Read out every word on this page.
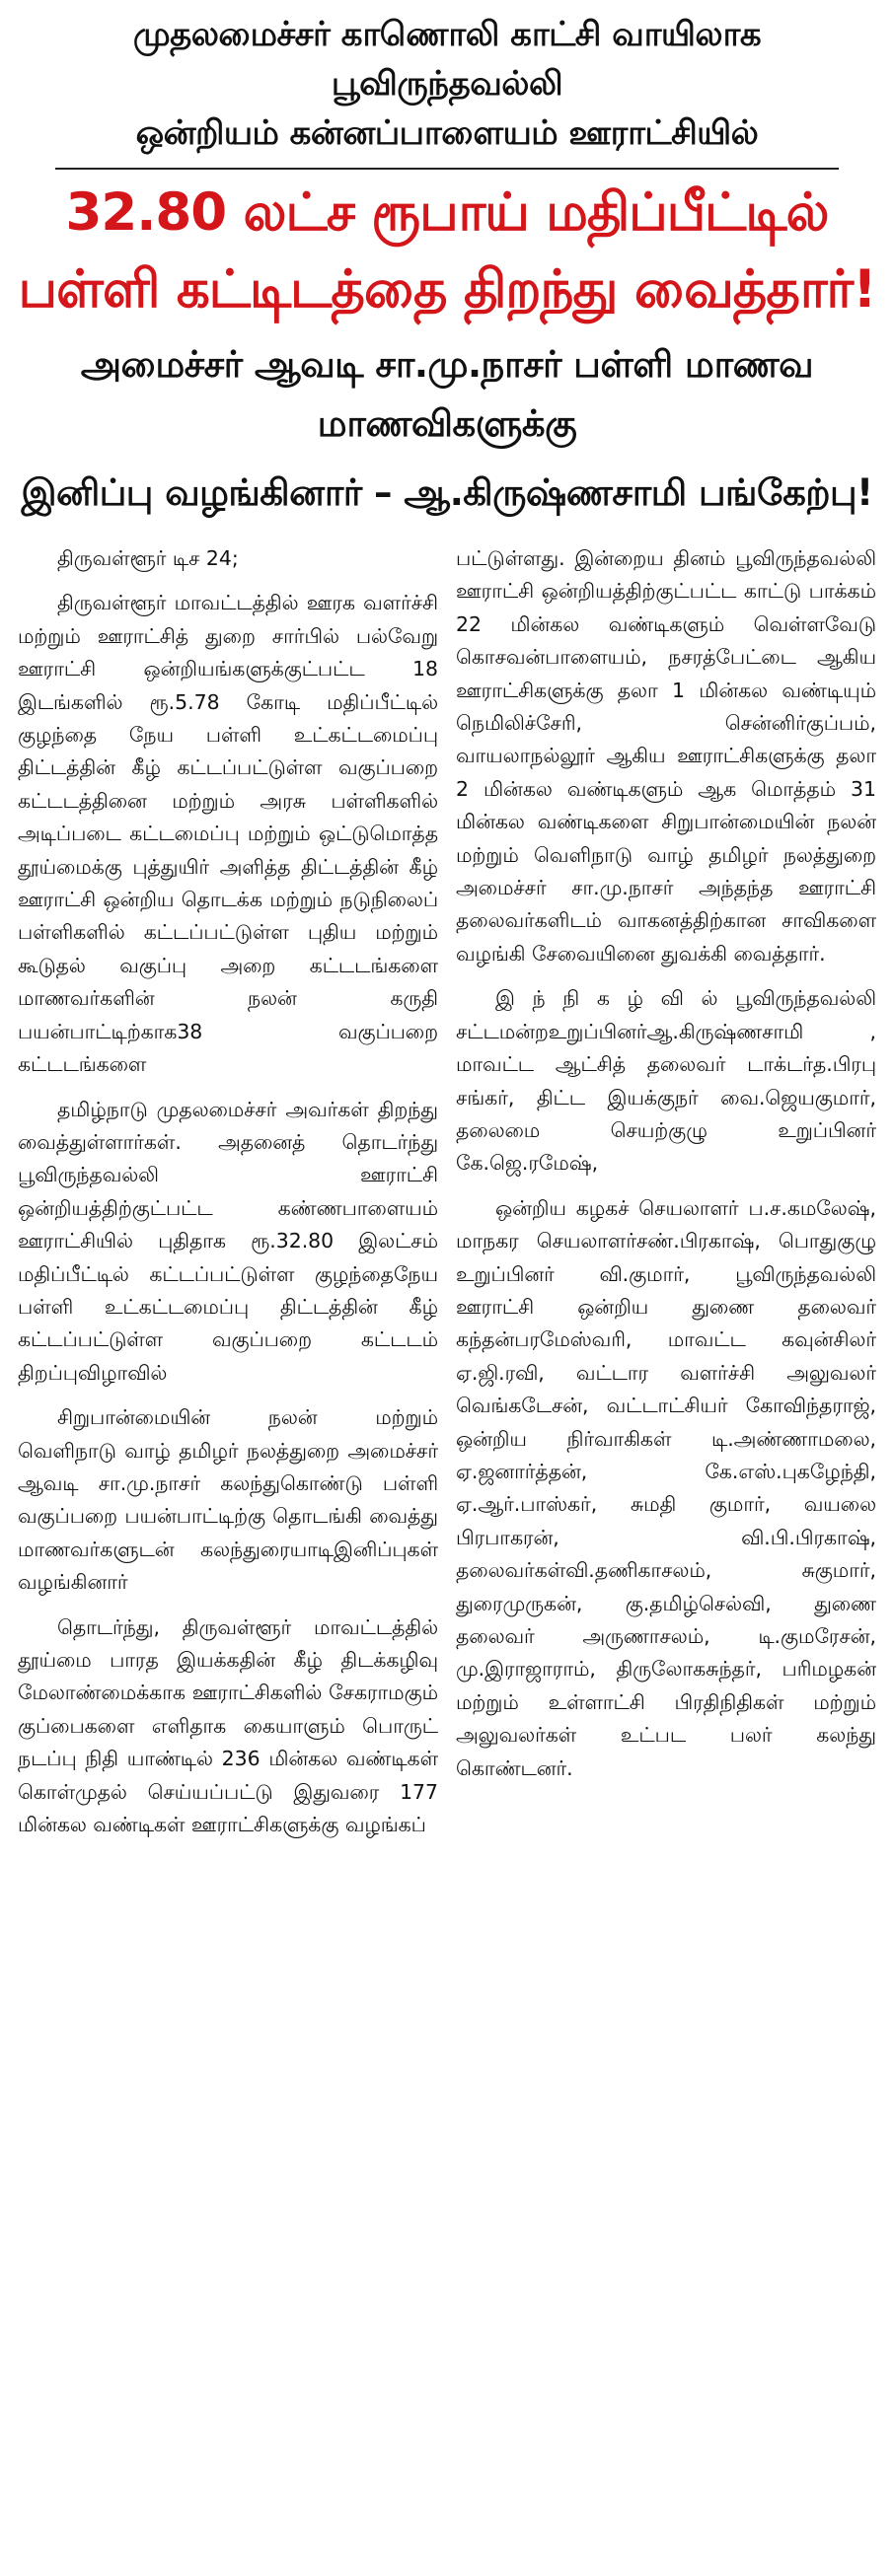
முதலமைச்சர் காணொலி காட்சி வாயிலாக பூவிருந்தவல்லி
ஒன்றியம் கன்னப்பாளையம் ஊராட்சியில்
32.80 லட்ச ரூபாய் மதிப்பீட்டில்
பள்ளி கட்டிடத்தை திறந்து வைத்தார்!
அமைச்சர் ஆவடி சா.மு.நாசர் பள்ளி மாணவ மாணவிகளுக்கு
இனிப்பு வழங்கினார் – ஆ.கிருஷ்ணசாமி பங்கேற்பு!

திருவள்ளூர் டிச 24;

திருவள்ளூர் மாவட்டத்தில் ஊரக வளர்ச்சி மற்றும் ஊராட்சித் துறை சார்பில் பல்வேறு ஊராட்சி ஒன்றியங்களுக்குட்பட்ட 18 இடங்களில் ரூ.5.78 கோடி மதிப்பீட்டில் குழந்தை நேய பள்ளி உட்கட்டமைப்பு திட்டத்தின் கீழ் கட்டப்பட்டுள்ள வகுப்பறை கட்டடத்தினை மற்றும் அரசு பள்ளிகளில் அடிப்படை கட்டமைப்பு மற்றும் ஒட்டுமொத்த தூய்மைக்கு புத்துயிர் அளித்த திட்டத்தின் கீழ் ஊராட்சி ஒன்றிய தொடக்க மற்றும் நடுநிலைப் பள்ளிகளில் கட்டப்பட்டுள்ள புதிய மற்றும் கூடுதல் வகுப்பு அறை கட்டடங்களை மாணவர்களின் நலன் கருதி பயன்பாட்டிற்காக38 வகுப்பறை கட்டடங்களை

தமிழ்நாடு முதலமைச்சர் அவர்கள் திறந்து வைத்துள்ளார்கள். அதனைத் தொடர்ந்து பூவிருந்தவல்லி ஊராட்சி ஒன்றியத்திற்குட்பட்ட கண்ணபாளையம் ஊராட்சியில் புதிதாக ரூ.32.80 இலட்சம் மதிப்பீட்டில் கட்டப்பட்டுள்ள குழந்தைநேய பள்ளி உட்கட்டமைப்பு திட்டத்தின் கீழ் கட்டப்பட்டுள்ள வகுப்பறை கட்டடம் திறப்புவிழாவில்

சிறுபான்மையின் நலன் மற்றும் வெளிநாடு வாழ் தமிழர் நலத்துறை அமைச்சர் ஆவடி சா.மு.நாசர் கலந்துகொண்டு பள்ளி வகுப்பறை பயன்பாட்டிற்கு தொடங்கி வைத்து மாணவர்களுடன் கலந்துரையாடிஇனிப்புகள் வழங்கினார்

தொடர்ந்து, திருவள்ளூர் மாவட்டத்தில் தூய்மை பாரத இயக்கதின் கீழ் திடக்கழிவு மேலாண்மைக்காக ஊராட்சிகளில் சேகராமகும் குப்பைகளை எளிதாக கையாளும் பொருட் நடப்பு நிதி யாண்டில் 236 மின்கல வண்டிகள் கொள்முதல் செய்யப்பட்டு இதுவரை 177 மின்கல வண்டிகள் ஊராட்சிகளுக்கு வழங்கப்

பட்டுள்ளது. இன்றைய தினம் பூவிருந்தவல்லி ஊராட்சி ஒன்றியத்திற்குட்பட்ட காட்டு பாக்கம் 22 மின்கல வண்டிகளும் வெள்ளவேடு கொசவன்பாளையம், நசரத்பேட்டை ஆகிய ஊராட்சிகளுக்கு தலா 1 மின்கல வண்டியும் நெமிலிச்சேரி, சென்னிர்குப்பம், வாயலாநல்லூர் ஆகிய ஊராட்சிகளுக்கு தலா 2 மின்கல வண்டிகளும் ஆக மொத்தம் 31 மின்கல வண்டிகளை சிறுபான்மையின் நலன் மற்றும் வெளிநாடு வாழ் தமிழர் நலத்துறை அமைச்சர் சா.மு.நாசர் அந்தந்த ஊராட்சி தலைவர்களிடம் வாகனத்திற்கான சாவிகளை வழங்கி சேவையினை துவக்கி வைத்தார்.

இ ந் நி க ழ் வி ல் பூவிருந்தவல்லி சட்டமன்றஉறுப்பினர்ஆ.கிருஷ்ணசாமி , மாவட்ட ஆட்சித் தலைவர் டாக்டர்த.பிரபு சங்கர், திட்ட இயக்குநர் வை.ஜெயகுமார், தலைமை செயற்குழு உறுப்பினர் கே.ஜெ.ரமேஷ்,

ஒன்றிய கழகச் செயலாளர் ப.ச.கமலேஷ், மாநகர செயலாளர்சண்.பிரகாஷ், பொதுகுழு உறுப்பினர் வி.குமார், பூவிருந்தவல்லி ஊராட்சி ஒன்றிய துணை தலைவர் கந்தன்பரமேஸ்வரி, மாவட்ட கவுன்சிலர் ஏ.ஜி.ரவி, வட்டார வளர்ச்சி அலுவலர் வெங்கடேசன், வட்டாட்சியர் கோவிந்தராஜ், ஒன்றிய நிர்வாகிகள் டி.அண்ணாமலை, ஏ.ஜனார்த்தன், கே.எஸ்.புகழேந்தி, ஏ.ஆர்.பாஸ்கர், சுமதி குமார், வயலை பிரபாகரன், வி.பி.பிரகாஷ், தலைவர்கள்வி.தணிகாசலம், சுகுமார், துரைமுருகன், கு.தமிழ்செல்வி, துணை தலைவர் அருணாசலம், டி.குமரேசன், மு.இராஜாராம், திருலோகசுந்தர், பரிமழகன் மற்றும் உள்ளாட்சி பிரதிநிதிகள் மற்றும் அலுவலர்கள் உட்பட பலர் கலந்து கொண்டனர்.
